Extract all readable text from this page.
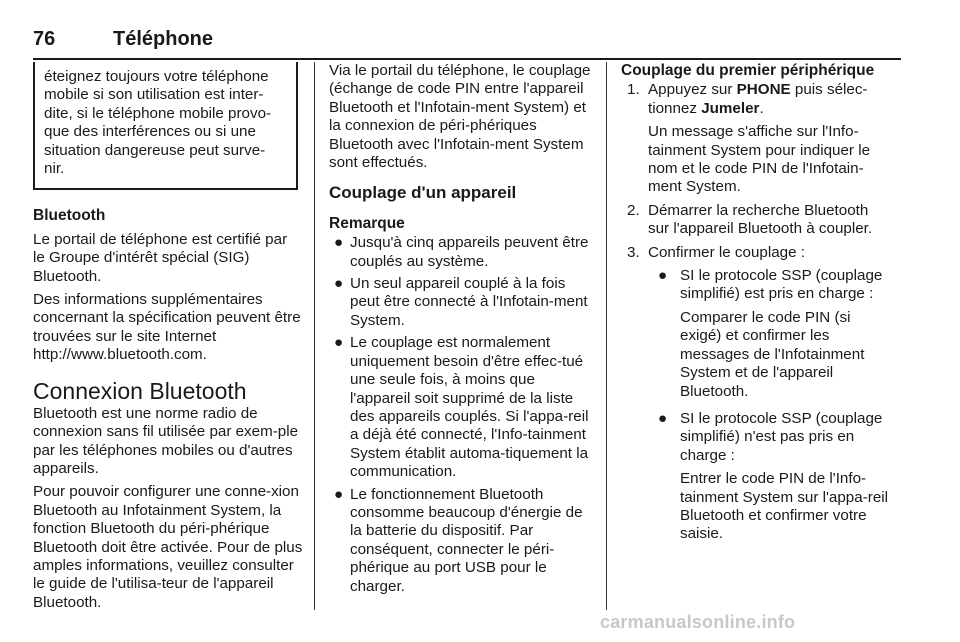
76	Téléphone

éteignez toujours votre téléphone

mobile si son utilisation est inter-

dite, si le téléphone mobile provo-

que des interférences ou si une

situation dangereuse peut surve-

nir.

Bluetooth

Le portail de téléphone est certifié par le Groupe d'intérêt spécial (SIG) Bluetooth.

Des informations supplémentaires concernant la spécification peuvent être trouvées sur le site Internet http://www.bluetooth.com.

Connexion Bluetooth

Bluetooth est une norme radio de connexion sans fil utilisée par exem-ple par les téléphones mobiles ou d'autres appareils.

Pour pouvoir configurer une conne-xion Bluetooth au Infotainment System, la fonction Bluetooth du péri-phérique Bluetooth doit être activée. Pour de plus amples informations, veuillez consulter le guide de l'utilisa-teur de l'appareil Bluetooth.

Via le portail du téléphone, le couplage (échange de code PIN entre l'appareil Bluetooth et l'Infotain-ment System) et la connexion de péri-phériques Bluetooth avec l'Infotain-ment System sont effectués.

Couplage d'un appareil
Remarque
● Jusqu'à cinq appareils peuvent être couplés au système.
● Un seul appareil couplé à la fois peut être connecté à l'Infotain-ment System.
● Le couplage est normalement uniquement besoin d'être effec-tué une seule fois, à moins que l'appareil soit supprimé de la liste des appareils couplés. Si l'appa-reil a déjà été connecté, l'Info-tainment System établit automa-tiquement la communication.
● Le fonctionnement Bluetooth consomme beaucoup d'énergie de la batterie du dispositif. Par conséquent, connecter le péri-phérique au port USB pour le charger.
Couplage du premier périphérique
1. Appuyez sur PHONE puis sélec-tionnez Jumeler.

Un message s'affiche sur l'Info-tainment System pour indiquer le nom et le code PIN de l'Infotain-ment System.

2. Démarrer la recherche Bluetooth sur l'appareil Bluetooth à coupler.

3. Confirmer le couplage :

● SI le protocole SSP (couplage simplifié) est pris en charge :

Comparer le code PIN (si exigé) et confirmer les messages de l'Infotainment System et de l'appareil Bluetooth.

● SI le protocole SSP (couplage simplifié) n'est pas pris en charge :

Entrer le code PIN de l'Info-tainment System sur l'appa-reil Bluetooth et confirmer votre saisie.

carmanualsonline.info
